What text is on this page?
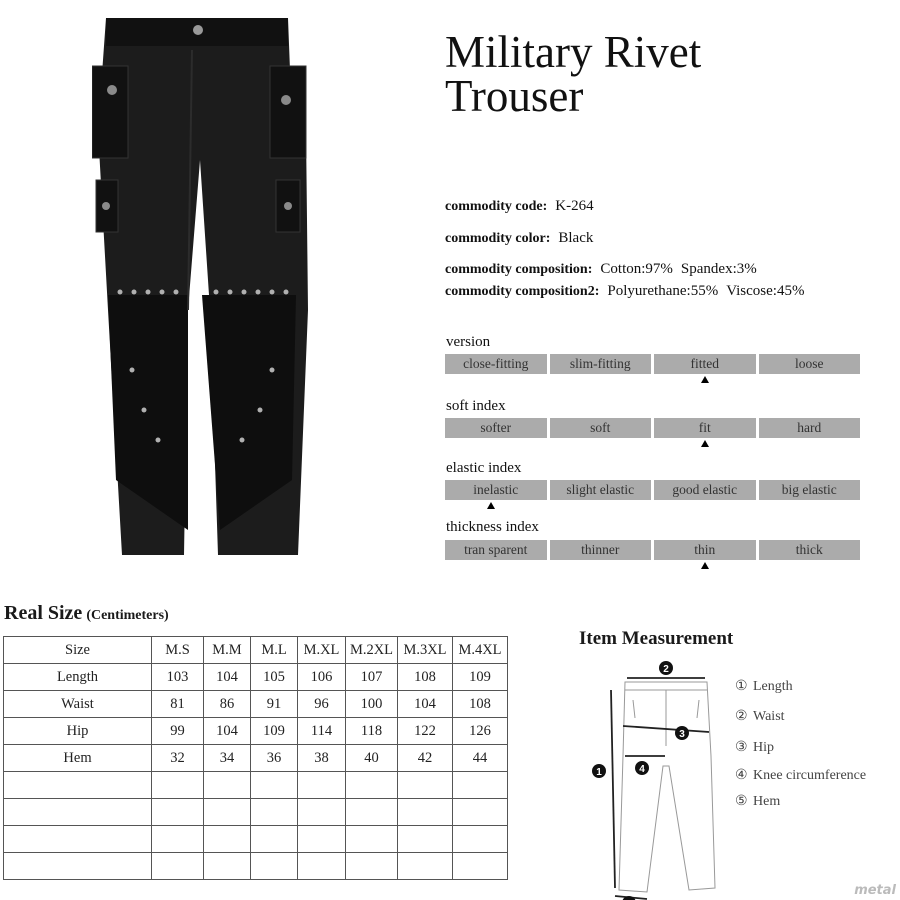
Military Rivet
Trouser
commodity code: K-264
commodity color: Black
commodity composition: Cotton:97% Spandex:3%
commodity composition2: Polyurethane:55% Viscose:45%
version
close-fitting	slim-fitting	fitted	loose
soft index
softer	soft	fit	hard
elastic index
inelastic	slight elastic	good elastic	big elastic
thickness index
tran sparent	thinner	thin	thick
Real Size (Centimeters)
Size	M.S	M.M	M.L	M.XL	M.2XL	M.3XL	M.4XL
Length	103	104	105	106	107	108	109
Waist	81	86	91	96	100	104	108
Hip	99	104	109	114	118	122	126
Hem	32	34	36	38	40	42	44

Item Measurement
2
3
4
1
① Length
② Waist
③ Hip
④ Knee circumference
⑤ Hem
metal
